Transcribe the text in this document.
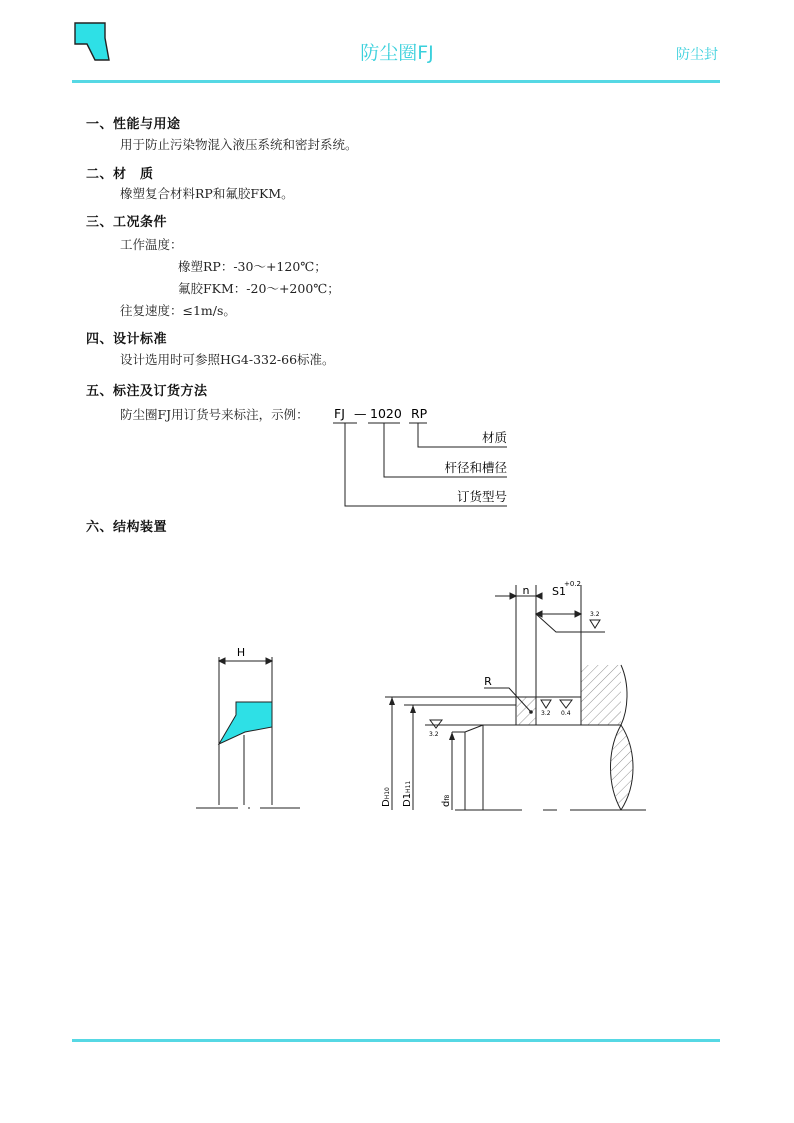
防尘圈FJ	防尘封
一、性能与用途
用于防止污染物混入液压系统和密封系统。
二、材　质
橡塑复合材料RP和氟胶FKM。
三、工况条件
工作温度：
橡塑RP：-30～+120℃；
氟胶FKM：-20～+200℃；
往复速度：≤1m/s。
四、设计标准
设计选用时可参照HG4-332-66标准。
五、标注及订货方法
防尘圈FJ用订货号来标注，示例： FJ — 1020 RP
材质
杆径和槽径
订货型号
六、结构装置
H
n S1
+0.2
R
3.2
3.2
3.2 0.4
DH10 D1H11
df8
